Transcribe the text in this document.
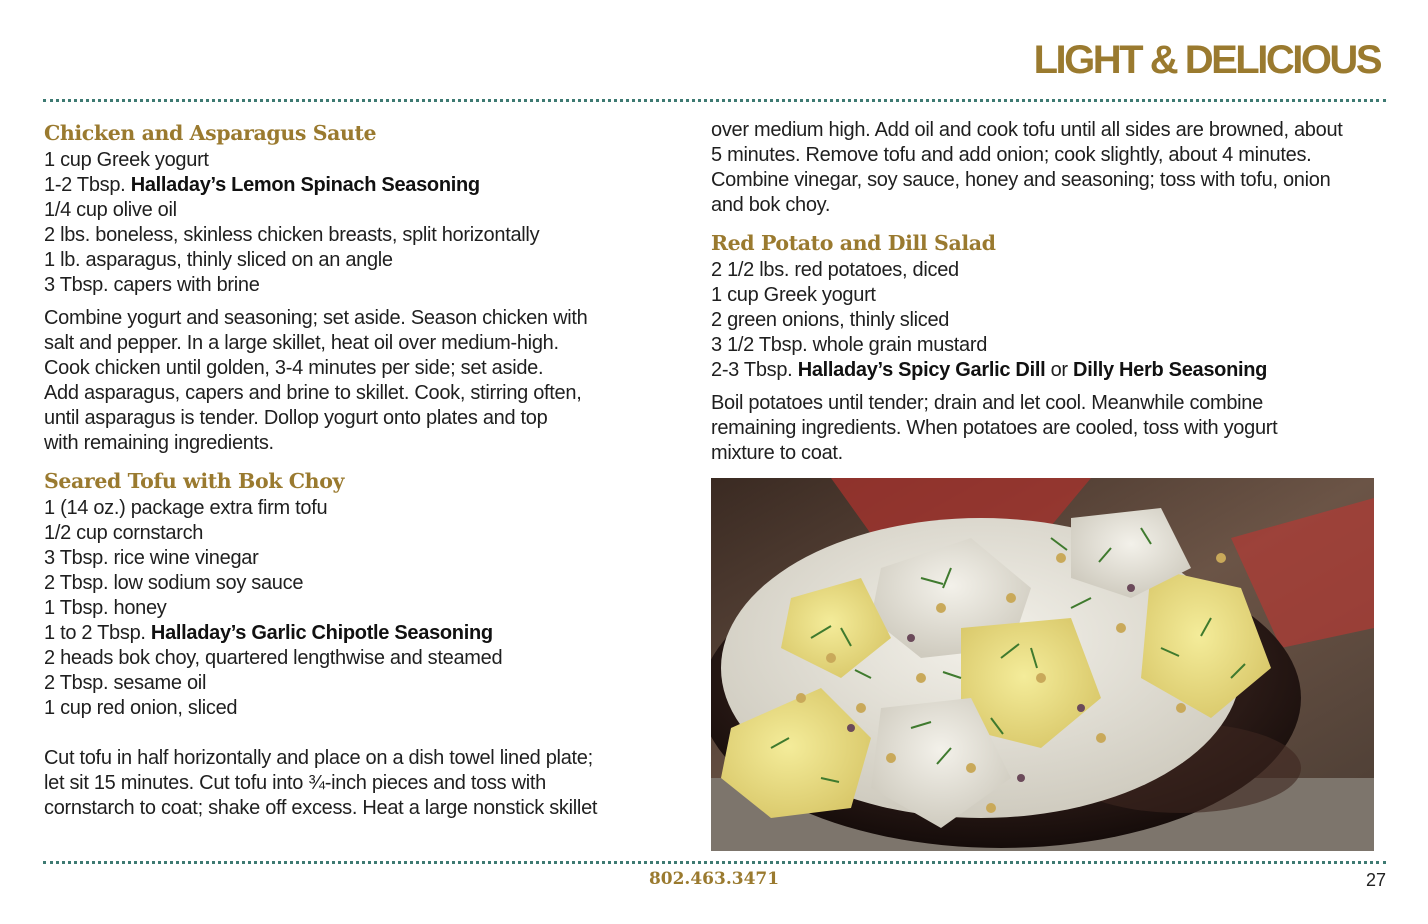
LIGHT & DELICIOUS
Chicken and Asparagus Saute
1 cup Greek yogurt
1-2 Tbsp. Halladay’s Lemon Spinach Seasoning
1/4 cup olive oil
2 lbs. boneless, skinless chicken breasts, split horizontally
1 lb. asparagus, thinly sliced on an angle
3 Tbsp. capers with brine
Combine yogurt and seasoning; set aside. Season chicken with
salt and pepper. In a large skillet, heat oil over medium-high.
Cook chicken until golden, 3-4 minutes per side; set aside.
Add asparagus, capers and brine to skillet. Cook, stirring often,
until asparagus is tender. Dollop yogurt onto plates and top
with remaining ingredients.
Seared Tofu with Bok Choy
1 (14 oz.) package extra firm tofu
1/2 cup cornstarch
3 Tbsp. rice wine vinegar
2 Tbsp. low sodium soy sauce
1 Tbsp. honey
1 to 2 Tbsp. Halladay’s Garlic Chipotle Seasoning
2 heads bok choy, quartered lengthwise and steamed
2 Tbsp. sesame oil
1 cup red onion, sliced
Cut tofu in half horizontally and place on a dish towel lined plate;
let sit 15 minutes. Cut tofu into ¾-inch pieces and toss with
cornstarch to coat; shake off excess. Heat a large nonstick skillet
over medium high. Add oil and cook tofu until all sides are browned, about
5 minutes. Remove tofu and add onion; cook slightly, about 4 minutes.
Combine vinegar, soy sauce, honey and seasoning; toss with tofu, onion
and bok choy.
Red Potato and Dill Salad
2 1/2 lbs. red potatoes, diced
1 cup Greek yogurt
2 green onions, thinly sliced
3 1/2 Tbsp. whole grain mustard
2-3 Tbsp. Halladay’s Spicy Garlic Dill or Dilly Herb Seasoning
Boil potatoes until tender; drain and let cool. Meanwhile combine
remaining ingredients. When potatoes are cooled, toss with yogurt
mixture to coat.
802.463.3471	27
